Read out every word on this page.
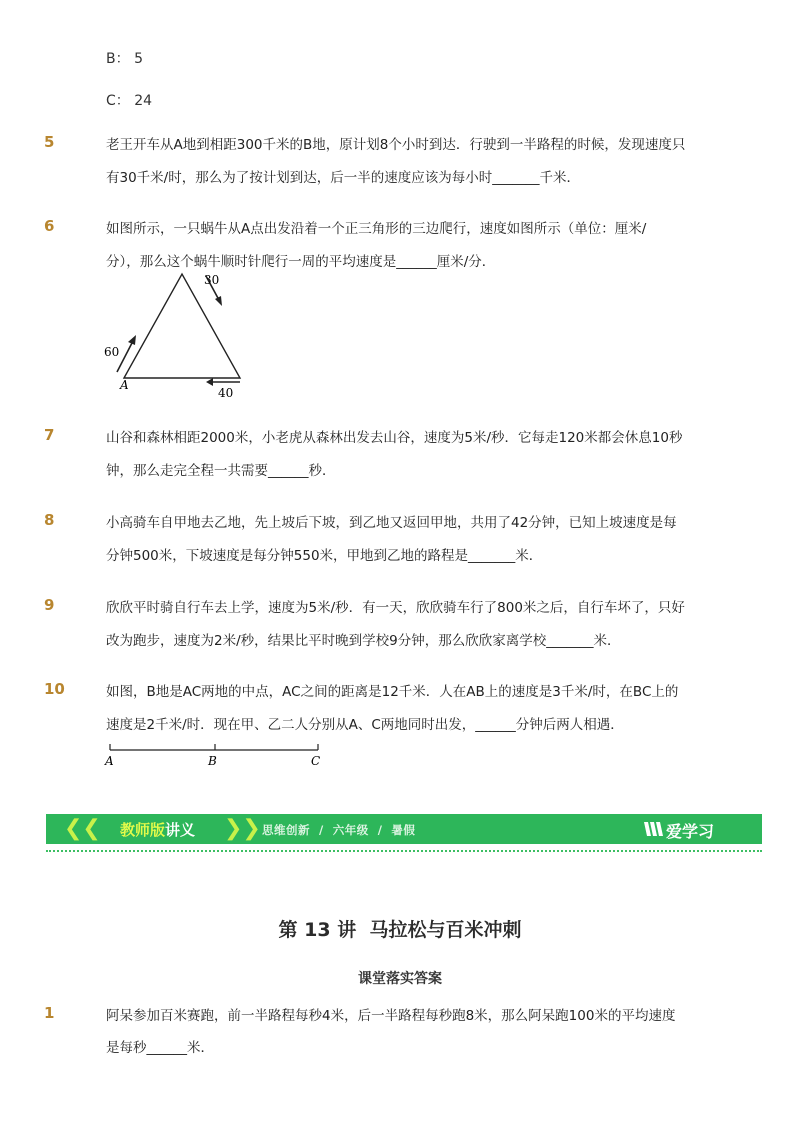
B： 5
C： 24
5	老王开车从A地到相距300千米的B地，原计划8个小时到达．行驶到一半路程的时候，发现速度只
有30千米/时，那么为了按计划到达，后一半的速度应该为每小时_______千米．
6	如图所示，一只蜗牛从A点出发沿着一个正三角形的三边爬行，速度如图所示（单位：厘米/
分），那么这个蜗牛顺时针爬行一周的平均速度是______厘米/分．
30
60
40
A
7	山谷和森林相距2000米，小老虎从森林出发去山谷，速度为5米/秒．它每走120米都会休息10秒
钟，那么走完全程一共需要______秒．
8	小高骑车自甲地去乙地，先上坡后下坡，到乙地又返回甲地，共用了42分钟，已知上坡速度是每
分钟500米，下坡速度是每分钟550米，甲地到乙地的路程是_______米．
9	欣欣平时骑自行车去上学，速度为5米/秒．有一天，欣欣骑车行了800米之后，自行车坏了，只好
改为跑步，速度为2米/秒，结果比平时晚到学校9分钟，那么欣欣家离学校_______米．
10	如图，B地是AC两地的中点，AC之间的距离是12千米．人在AB上的速度是3千米/时，在BC上的
速度是2千米/时．现在甲、乙二人分别从A、C两地同时出发，______分钟后两人相遇．
A	B	C
❮❮ 教师版讲义 ❯❯ 思维创新  /  六年级  /  暑假	爱学习
第 13 讲  马拉松与百米冲刺
课堂落实答案
1	阿呆参加百米赛跑，前一半路程每秒4米，后一半路程每秒跑8米，那么阿呆跑100米的平均速度
是每秒______米．
